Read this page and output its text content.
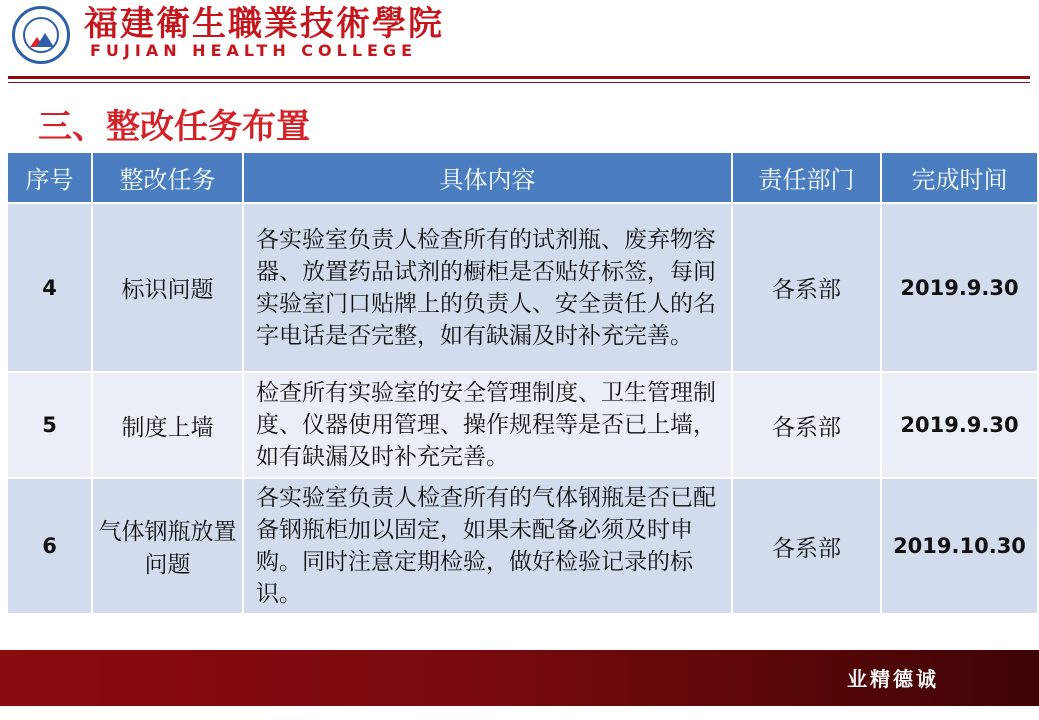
福建衛生職業技術學院
FUJIAN HEALTH COLLEGE
三、整改任务布置
序号	整改任务	具体内容	责任部门	完成时间
4	标识问题	各实验室负责人检查所有的试剂瓶、废弃物容器、放置药品试剂的橱柜是否贴好标签，每间实验室门口贴牌上的负责人、安全责任人的名字电话是否完整，如有缺漏及时补充完善。	各系部	2019.9.30
5	制度上墙	检查所有实验室的安全管理制度、卫生管理制度、仪器使用管理、操作规程等是否已上墙，如有缺漏及时补充完善。	各系部	2019.9.30
6	气体钢瓶放置问题	各实验室负责人检查所有的气体钢瓶是否已配备钢瓶柜加以固定，如果未配备必须及时申购。同时注意定期检验，做好检验记录的标识。	各系部	2019.10.30
业精德诚
